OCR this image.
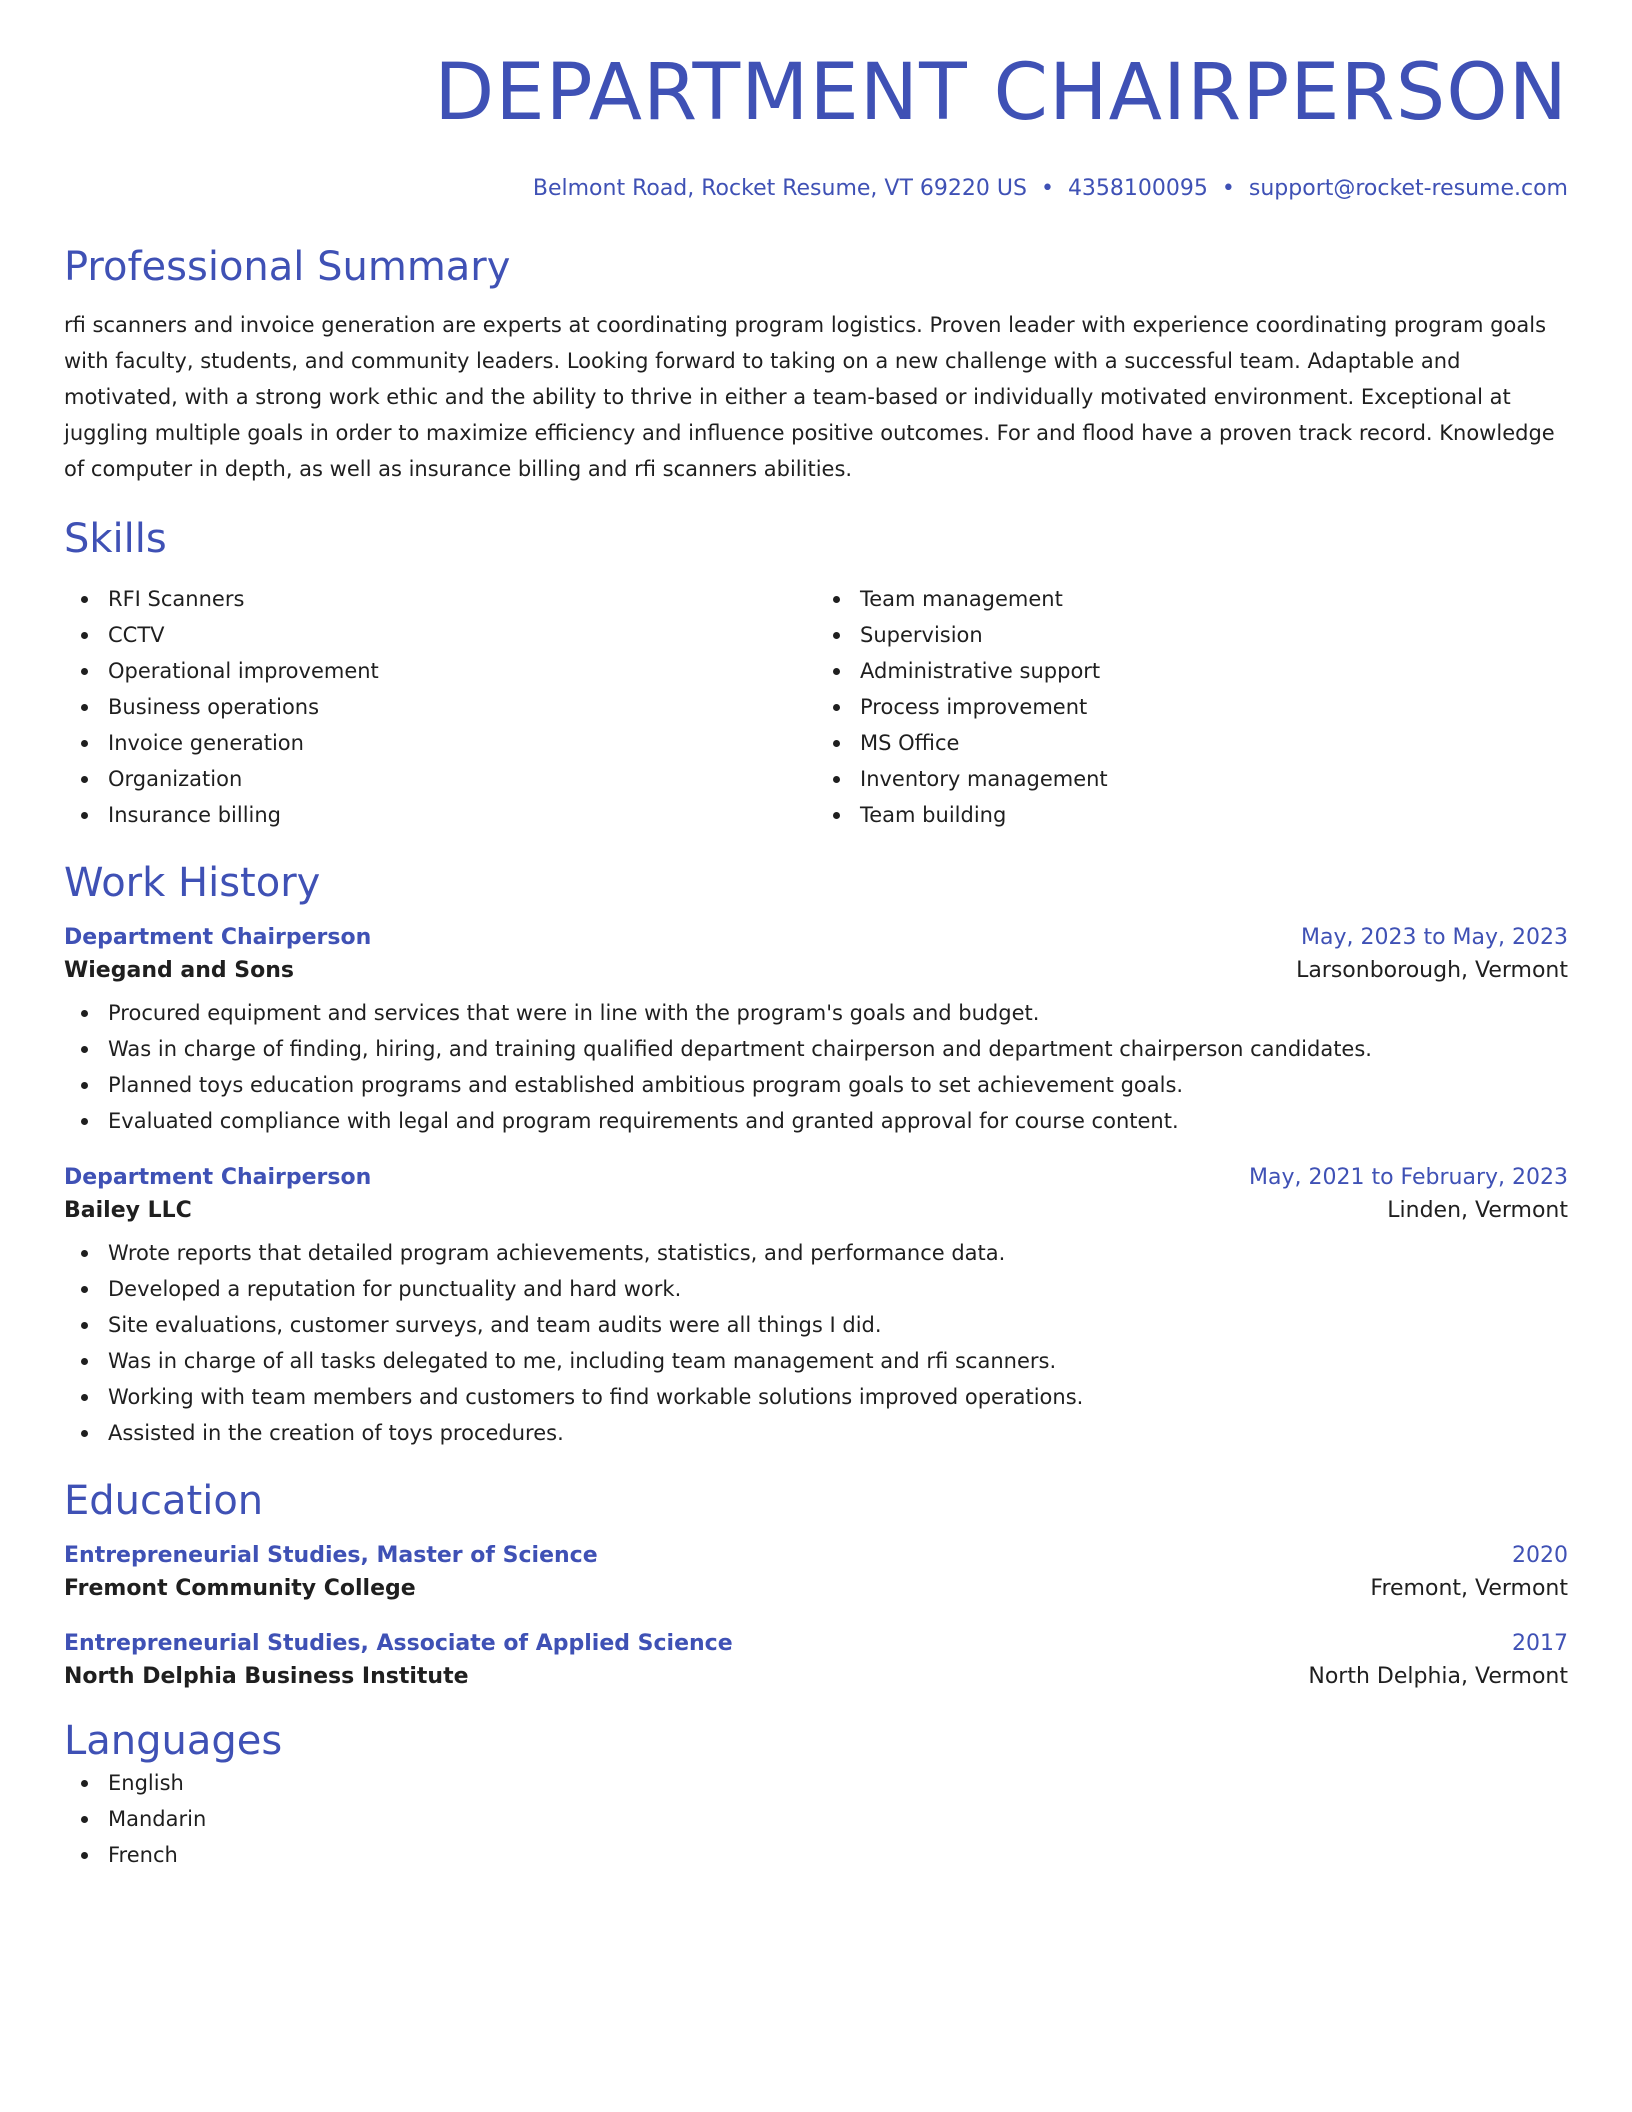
DEPARTMENT CHAIRPERSON
Belmont Road, Rocket Resume, VT 69220 US • 4358100095 • support@rocket-resume.com
Professional Summary

rfi scanners and invoice generation are experts at coordinating program logistics. Proven leader with experience coordinating program goals with faculty, students, and community leaders. Looking forward to taking on a new challenge with a successful team. Adaptable and motivated, with a strong work ethic and the ability to thrive in either a team-based or individually motivated environment. Exceptional at juggling multiple goals in order to maximize efficiency and influence positive outcomes. For and flood have a proven track record. Knowledge of computer in depth, as well as insurance billing and rfi scanners abilities.

Skills
RFI Scanners
CCTV
Operational improvement
Business operations
Invoice generation
Organization
Insurance billing
Team management
Supervision
Administrative support
Process improvement
MS Office
Inventory management
Team building
Work History
Department Chairperson	May, 2023 to May, 2023
Wiegand and Sons	Larsonborough, Vermont
Procured equipment and services that were in line with the program's goals and budget.
Was in charge of finding, hiring, and training qualified department chairperson and department chairperson candidates.
Planned toys education programs and established ambitious program goals to set achievement goals.
Evaluated compliance with legal and program requirements and granted approval for course content.
Department Chairperson	May, 2021 to February, 2023
Bailey LLC	Linden, Vermont
Wrote reports that detailed program achievements, statistics, and performance data.
Developed a reputation for punctuality and hard work.
Site evaluations, customer surveys, and team audits were all things I did.
Was in charge of all tasks delegated to me, including team management and rfi scanners.
Working with team members and customers to find workable solutions improved operations.
Assisted in the creation of toys procedures.
Education
Entrepreneurial Studies, Master of Science	2020
Fremont Community College	Fremont, Vermont
Entrepreneurial Studies, Associate of Applied Science	2017
North Delphia Business Institute	North Delphia, Vermont
Languages
English
Mandarin
French
